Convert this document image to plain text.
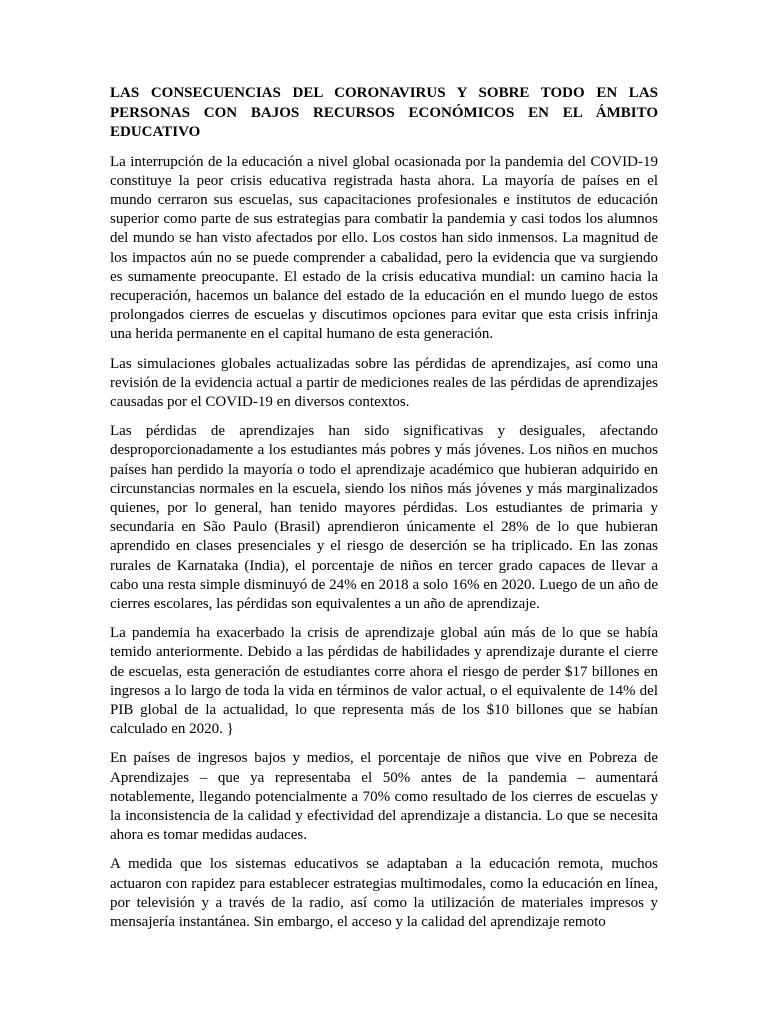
LAS CONSECUENCIAS DEL CORONAVIRUS Y SOBRE TODO EN LAS PERSONAS CON BAJOS RECURSOS ECONÓMICOS EN EL ÁMBITO EDUCATIVO

La interrupción de la educación a nivel global ocasionada por la pandemia del COVID-19 constituye la peor crisis educativa registrada hasta ahora. La mayoría de países en el mundo cerraron sus escuelas, sus capacitaciones profesionales e institutos de educación superior como parte de sus estrategias para combatir la pandemia y casi todos los alumnos del mundo se han visto afectados por ello. Los costos han sido inmensos. La magnitud de los impactos aún no se puede comprender a cabalidad, pero la evidencia que va surgiendo es sumamente preocupante. El estado de la crisis educativa mundial: un camino hacia la recuperación, hacemos un balance del estado de la educación en el mundo luego de estos prolongados cierres de escuelas y discutimos opciones para evitar que esta crisis infrinja una herida permanente en el capital humano de esta generación.

Las simulaciones globales actualizadas sobre las pérdidas de aprendizajes, así como una revisión de la evidencia actual a partir de mediciones reales de las pérdidas de aprendizajes causadas por el COVID-19 en diversos contextos.

Las pérdidas de aprendizajes han sido significativas y desiguales, afectando desproporcionadamente a los estudiantes más pobres y más jóvenes. Los niños en muchos países han perdido la mayoría o todo el aprendizaje académico que hubieran adquirido en circunstancias normales en la escuela, siendo los niños más jóvenes y más marginalizados quienes, por lo general, han tenido mayores pérdidas. Los estudiantes de primaria y secundaria en São Paulo (Brasil) aprendieron únicamente el 28% de lo que hubieran aprendido en clases presenciales y el riesgo de deserción se ha triplicado. En las zonas rurales de Karnataka (India), el porcentaje de niños en tercer grado capaces de llevar a cabo una resta simple disminuyó de 24% en 2018 a solo 16% en 2020. Luego de un año de cierres escolares, las pérdidas son equivalentes a un año de aprendizaje.

La pandemia ha exacerbado la crisis de aprendizaje global aún más de lo que se había temido anteriormente. Debido a las pérdidas de habilidades y aprendizaje durante el cierre de escuelas, esta generación de estudiantes corre ahora el riesgo de perder $17 billones en ingresos a lo largo de toda la vida en términos de valor actual, o el equivalente de 14% del PIB global de la actualidad, lo que representa más de los $10 billones que se habían calculado en 2020. }

En países de ingresos bajos y medios, el porcentaje de niños que vive en Pobreza de Aprendizajes – que ya representaba el 50% antes de la pandemia – aumentará notablemente, llegando potencialmente a 70% como resultado de los cierres de escuelas y la inconsistencia de la calidad y efectividad del aprendizaje a distancia. Lo que se necesita ahora es tomar medidas audaces.

A medida que los sistemas educativos se adaptaban a la educación remota, muchos actuaron con rapidez para establecer estrategias multimodales, como la educación en línea, por televisión y a través de la radio, así como la utilización de materiales impresos y mensajería instantánea. Sin embargo, el acceso y la calidad del aprendizaje remoto
